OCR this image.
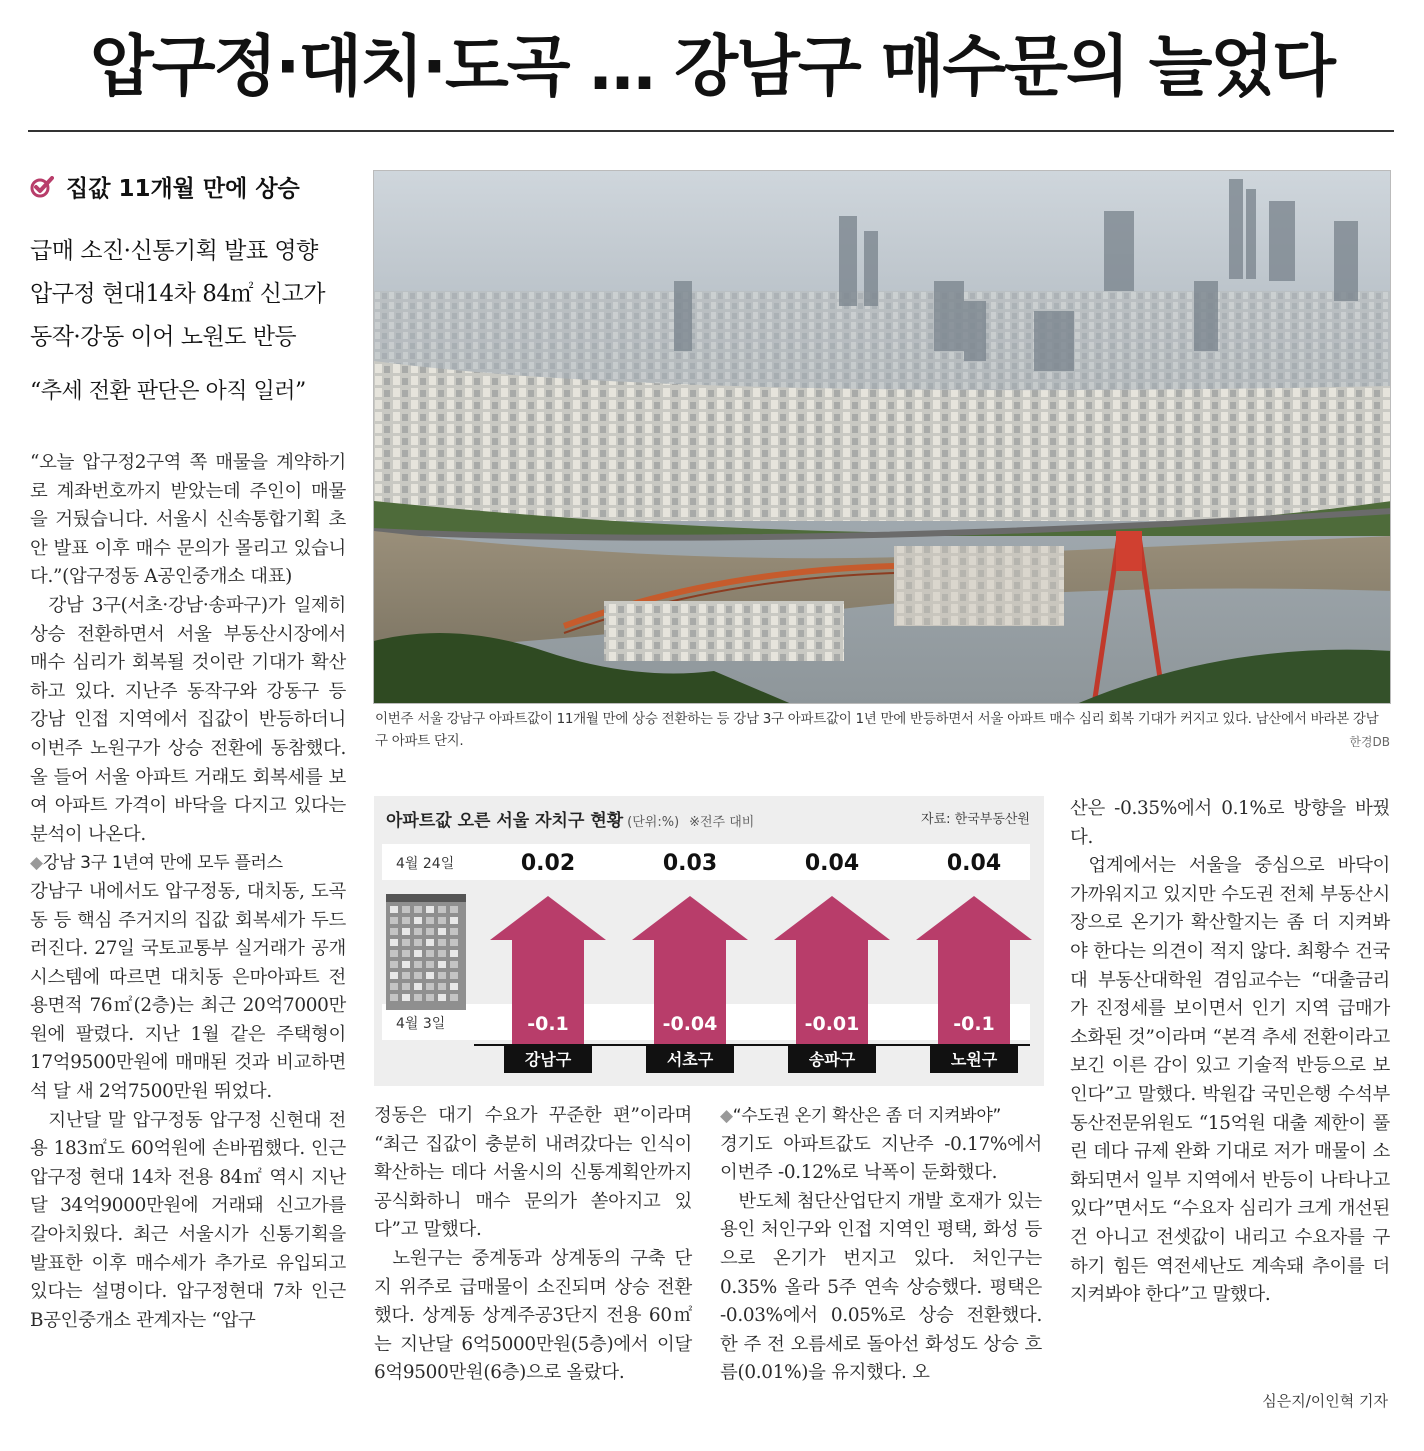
압구정·대치·도곡 … 강남구 매수문의 늘었다
집값 11개월 만에 상승
급매 소진·신통기획 발표 영향
압구정 현대14차 84㎡ 신고가
동작·강동 이어 노원도 반등
“추세 전환 판단은 아직 일러”

“오늘 압구정2구역 쪽 매물을 계약하기로 계좌번호까지 받았는데 주인이 매물을 거뒀습니다. 서울시 신속통합기획 초안 발표 이후 매수 문의가 몰리고 있습니다.”(압구정동 A공인중개소 대표)

강남 3구(서초·강남·송파구)가 일제히 상승 전환하면서 서울 부동산시장에서 매수 심리가 회복될 것이란 기대가 확산하고 있다. 지난주 동작구와 강동구 등 강남 인접 지역에서 집값이 반등하더니 이번주 노원구가 상승 전환에 동참했다. 올 들어 서울 아파트 거래도 회복세를 보여 아파트 가격이 바닥을 다지고 있다는 분석이 나온다.

◆강남 3구 1년여 만에 모두 플러스

강남구 내에서도 압구정동, 대치동, 도곡동 등 핵심 주거지의 집값 회복세가 두드러진다. 27일 국토교통부 실거래가 공개시스템에 따르면 대치동 은마아파트 전용면적 76㎡(2층)는 최근 20억7000만원에 팔렸다. 지난 1월 같은 주택형이 17억9500만원에 매매된 것과 비교하면 석 달 새 2억7500만원 뛰었다.

지난달 말 압구정동 압구정 신현대 전용 183㎡도 60억원에 손바뀜했다. 인근 압구정 현대 14차 전용 84㎡ 역시 지난달 34억9000만원에 거래돼 신고가를 갈아치웠다. 최근 서울시가 신통기획을 발표한 이후 매수세가 추가로 유입되고 있다는 설명이다. 압구정현대 7차 인근 B공인중개소 관계자는 “압구

이번주 서울 강남구 아파트값이 11개월 만에 상승 전환하는 등 강남 3구 아파트값이 1년 만에 반등하면서 서울 아파트 매수 심리 회복 기대가 커지고 있다. 남산에서 바라본 강남구 아파트 단지.	한경DB
아파트값 오른 서울 자치구 현황 (단위:%) ※전주 대비	자료: 한국부동산원
4월 24일
4월 3일
0.02
-0.1
강남구
0.03
-0.04
서초구
0.04
-0.01
송파구
0.04
-0.1
노원구

정동은 대기 수요가 꾸준한 편”이라며 “최근 집값이 충분히 내려갔다는 인식이 확산하는 데다 서울시의 신통계획안까지 공식화하니 매수 문의가 쏟아지고 있다”고 말했다.

노원구는 중계동과 상계동의 구축 단지 위주로 급매물이 소진되며 상승 전환했다. 상계동 상계주공3단지 전용 60㎡는 지난달 6억5000만원(5층)에서 이달 6억9500만원(6층)으로 올랐다.

◆“수도권 온기 확산은 좀 더 지켜봐야”

경기도 아파트값도 지난주 -0.17%에서 이번주 -0.12%로 낙폭이 둔화했다.

반도체 첨단산업단지 개발 호재가 있는 용인 처인구와 인접 지역인 평택, 화성 등으로 온기가 번지고 있다. 처인구는 0.35% 올라 5주 연속 상승했다. 평택은 -0.03%에서 0.05%로 상승 전환했다. 한 주 전 오름세로 돌아선 화성도 상승 흐름(0.01%)을 유지했다. 오

산은 -0.35%에서 0.1%로 방향을 바꿨다.

업계에서는 서울을 중심으로 바닥이 가까워지고 있지만 수도권 전체 부동산시장으로 온기가 확산할지는 좀 더 지켜봐야 한다는 의견이 적지 않다. 최황수 건국대 부동산대학원 겸임교수는 “대출금리가 진정세를 보이면서 인기 지역 급매가 소화된 것”이라며 “본격 추세 전환이라고 보긴 이른 감이 있고 기술적 반등으로 보인다”고 말했다. 박원갑 국민은행 수석부동산전문위원도 “15억원 대출 제한이 풀린 데다 규제 완화 기대로 저가 매물이 소화되면서 일부 지역에서 반등이 나타나고 있다”면서도 “수요자 심리가 크게 개선된 건 아니고 전셋값이 내리고 수요자를 구하기 힘든 역전세난도 계속돼 추이를 더 지켜봐야 한다”고 말했다.

심은지/이인혁 기자
